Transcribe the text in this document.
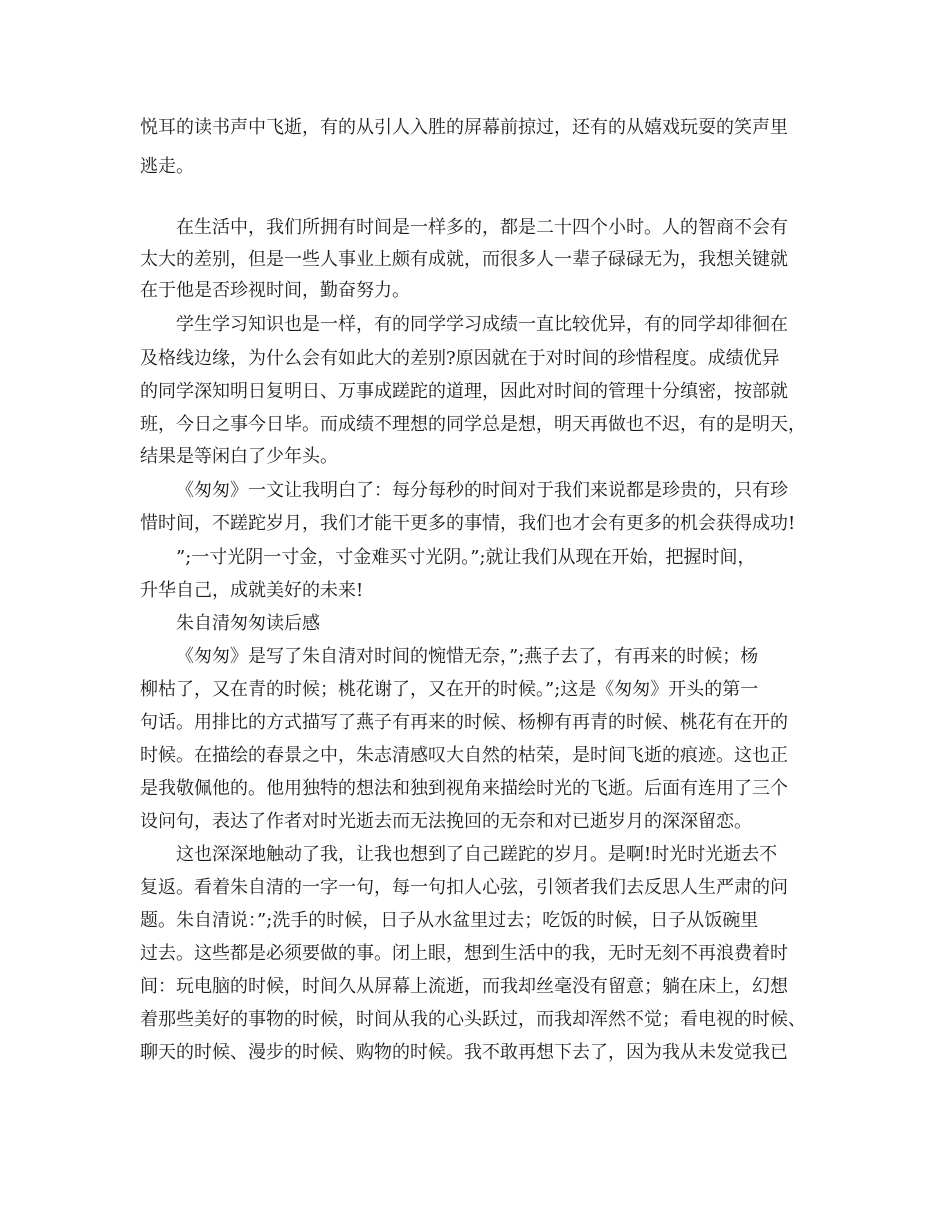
悦耳的读书声中飞逝，有的从引人入胜的屏幕前掠过，还有的从嬉戏玩耍的笑声里
逃走。
在生活中，我们所拥有时间是一样多的，都是二十四个小时。人的智商不会有
太大的差别，但是一些人事业上颇有成就，而很多人一辈子碌碌无为，我想关键就
在于他是否珍视时间，勤奋努力。
学生学习知识也是一样，有的同学学习成绩一直比较优异，有的同学却徘徊在
及格线边缘，为什么会有如此大的差别?原因就在于对时间的珍惜程度。成绩优异
的同学深知明日复明日、万事成蹉跎的道理，因此对时间的管理十分缜密，按部就
班，今日之事今日毕。而成绩不理想的同学总是想，明天再做也不迟，有的是明天，
结果是等闲白了少年头。
《匆匆》一文让我明白了：每分每秒的时间对于我们来说都是珍贵的，只有珍
惜时间，不蹉跎岁月，我们才能干更多的事情，我们也才会有更多的机会获得成功!
”;一寸光阴一寸金，寸金难买寸光阴。”;就让我们从现在开始，把握时间，
升华自己，成就美好的未来!
朱自清匆匆读后感
《匆匆》是写了朱自清对时间的惋惜无奈，”;燕子去了，有再来的时候；杨
柳枯了，又在青的时候；桃花谢了，又在开的时候。”;这是《匆匆》开头的第一
句话。用排比的方式描写了燕子有再来的时候、杨柳有再青的时候、桃花有在开的
时候。在描绘的春景之中，朱志清感叹大自然的枯荣，是时间飞逝的痕迹。这也正
是我敬佩他的。他用独特的想法和独到视角来描绘时光的飞逝。后面有连用了三个
设问句，表达了作者对时光逝去而无法挽回的无奈和对已逝岁月的深深留恋。
这也深深地触动了我，让我也想到了自己蹉跎的岁月。是啊!时光时光逝去不
复返。看着朱自清的一字一句，每一句扣人心弦，引领者我们去反思人生严肃的问
题。朱自清说：”;洗手的时候，日子从水盆里过去；吃饭的时候，日子从饭碗里
过去。这些都是必须要做的事。闭上眼，想到生活中的我，无时无刻不再浪费着时
间：玩电脑的时候，时间久从屏幕上流逝，而我却丝毫没有留意；躺在床上，幻想
着那些美好的事物的时候，时间从我的心头跃过，而我却浑然不觉；看电视的时候、
聊天的时候、漫步的时候、购物的时候。我不敢再想下去了，因为我从未发觉我已
